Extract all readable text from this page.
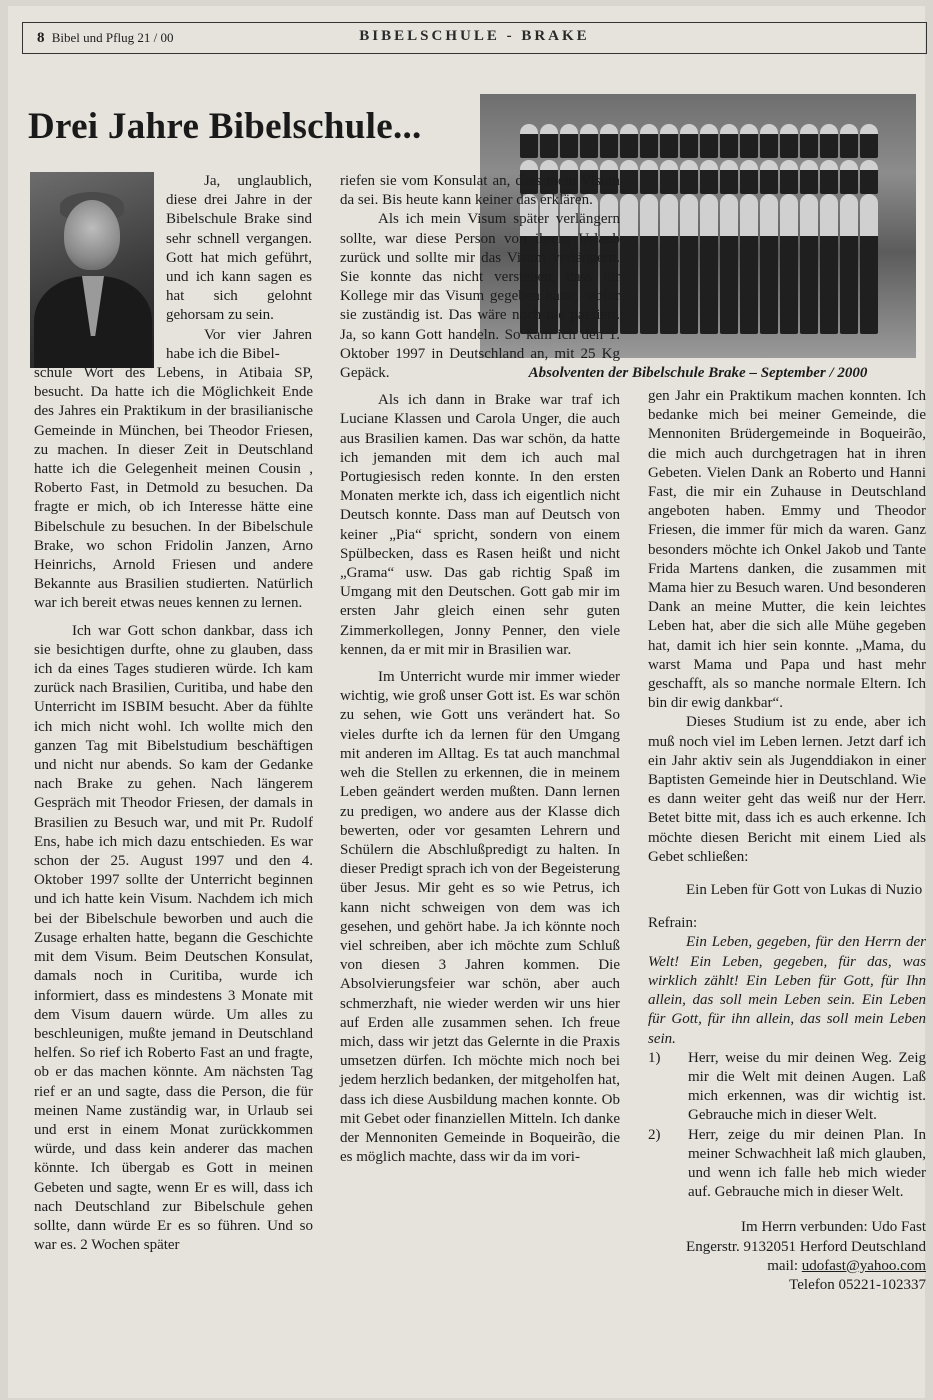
8 Bibel und Pflug 21 / 00	BIBELSCHULE - BRAKE
Drei Jahre Bibelschule...
Absolventen der Bibelschule Brake – September / 2000

Ja, unglaublich, diese drei Jahre in der Bibelschule Brake sind sehr schnell vergangen. Gott hat mich geführt, und ich kann sagen es hat sich gelohnt gehorsam zu sein.

Vor vier Jahren habe ich die Bibel-

schule Wort des Lebens, in Atibaia SP, besucht. Da hatte ich die Möglichkeit Ende des Jahres ein Praktikum in der brasilianische Gemeinde in München, bei Theodor Friesen, zu machen. In dieser Zeit in Deutschland hatte ich die Gelegenheit meinen Cousin , Roberto Fast, in Detmold zu besuchen. Da fragte er mich, ob ich Interesse hätte eine Bibelschule zu besuchen. In der Bibelschule Brake, wo schon Fridolin Janzen, Arno Heinrichs, Arnold Friesen und andere Bekannte aus Brasilien studierten. Natürlich war ich bereit etwas neues kennen zu lernen.

Ich war Gott schon dankbar, dass ich sie besichtigen durfte, ohne zu glauben, dass ich da eines Tages studieren würde. Ich kam zurück nach Brasilien, Curitiba, und habe den Unterricht im ISBIM besucht. Aber da fühlte ich mich nicht wohl. Ich wollte mich den ganzen Tag mit Bibelstudium beschäftigen und nicht nur abends. So kam der Gedanke nach Brake zu gehen. Nach längerem Gespräch mit Theodor Friesen, der damals in Brasilien zu Besuch war, und mit Pr. Rudolf Ens, habe ich mich dazu entschieden. Es war schon der 25. August 1997 und den 4. Oktober 1997 sollte der Unterricht beginnen und ich hatte kein Visum. Nachdem ich mich bei der Bibelschule beworben und auch die Zusage erhalten hatte, begann die Geschichte mit dem Visum. Beim Deutschen Konsulat, damals noch in Curitiba, wurde ich informiert, dass es mindestens 3 Monate mit dem Visum dauern würde. Um alles zu beschleunigen, mußte jemand in Deutschland helfen. So rief ich Roberto Fast an und fragte, ob er das machen könnte. Am nächsten Tag rief er an und sagte, dass die Person, die für meinen Name zuständig war, in Urlaub sei und erst in einem Monat zurückkommen würde, und dass kein anderer das machen könnte. Ich übergab es Gott in meinen Gebeten und sagte, wenn Er es will, dass ich nach Deutschland zur Bibelschule gehen sollte, dann würde Er es so führen. Und so war es. 2 Wochen später

riefen sie vom Konsulat an, dass mein Visum da sei. Bis heute kann keiner das erklären.

Als ich mein Visum später verlängern sollte, war diese Person von ihrem Urlaub zurück und sollte mir das Visum verlängern. Sie konnte das nicht verstehen, dass ihr Kollege mir das Visum gegeben hatte, wofür sie zuständig ist. Das wäre noch nie passiert. Ja, so kann Gott handeln. So kam ich den 1. Oktober 1997 in Deutschland an, mit 25 Kg Gepäck.

Als ich dann in Brake war traf ich Luciane Klassen und Carola Unger, die auch aus Brasilien kamen. Das war schön, da hatte ich jemanden mit dem ich auch mal Portugiesisch reden konnte. In den ersten Monaten merkte ich, dass ich eigentlich nicht Deutsch konnte. Dass man auf Deutsch von keiner „Pia“ spricht, sondern von einem Spülbecken, dass es Rasen heißt und nicht „Grama“ usw. Das gab richtig Spaß im Umgang mit den Deutschen. Gott gab mir im ersten Jahr gleich einen sehr guten Zimmerkollegen, Jonny Penner, den viele kennen, da er mit mir in Brasilien war.

Im Unterricht wurde mir immer wieder wichtig, wie groß unser Gott ist. Es war schön zu sehen, wie Gott uns verändert hat. So vieles durfte ich da lernen für den Umgang mit anderen im Alltag. Es tat auch manchmal weh die Stellen zu erkennen, die in meinem Leben geändert werden mußten. Dann lernen zu predigen, wo andere aus der Klasse dich bewerten, oder vor gesamten Lehrern und Schülern die Abschlußpredigt zu halten. In dieser Predigt sprach ich von der Begeisterung über Jesus. Mir geht es so wie Petrus, ich kann nicht schweigen von dem was ich gesehen, und gehört habe. Ja ich könnte noch viel schreiben, aber ich möchte zum Schluß von diesen 3 Jahren kommen. Die Absolvierungsfeier war schön, aber auch schmerzhaft, nie wieder werden wir uns hier auf Erden alle zusammen sehen. Ich freue mich, dass wir jetzt das Gelernte in die Praxis umsetzen dürfen. Ich möchte mich noch bei jedem herzlich bedanken, der mitgeholfen hat, dass ich diese Ausbildung machen konnte. Ob mit Gebet oder finanziellen Mitteln. Ich danke der Mennoniten Gemeinde in Boqueirão, die es möglich machte, dass wir da im vori-

gen Jahr ein Praktikum machen konnten. Ich bedanke mich bei meiner Gemeinde, die Mennoniten Brüdergemeinde in Boqueirão, die mich auch durchgetragen hat in ihren Gebeten. Vielen Dank an Roberto und Hanni Fast, die mir ein Zuhause in Deutschland angeboten haben. Emmy und Theodor Friesen, die immer für mich da waren. Ganz besonders möchte ich Onkel Jakob und Tante Frida Martens danken, die zusammen mit Mama hier zu Besuch waren. Und besonderen Dank an meine Mutter, die kein leichtes Leben hat, aber die sich alle Mühe gegeben hat, damit ich hier sein konnte. „Mama, du warst Mama und Papa und hast mehr geschafft, als so manche normale Eltern. Ich bin dir ewig dankbar“.

Dieses Studium ist zu ende, aber ich muß noch viel im Leben lernen. Jetzt darf ich ein Jahr aktiv sein als Jugenddiakon in einer Baptisten Gemeinde hier in Deutschland. Wie es dann weiter geht das weiß nur der Herr. Betet bitte mit, dass ich es auch erkenne. Ich möchte diesen Bericht mit einem Lied als Gebet schließen:

Ein Leben für Gott von Lukas di Nuzio

Refrain:

Ein Leben, gegeben, für den Herrn der Welt! Ein Leben, gegeben, für das, was wirklich zählt! Ein Leben für Gott, für Ihn allein, das soll mein Leben sein. Ein Leben für Gott, für ihn allein, das soll mein Leben sein.

1)	Herr, weise du mir deinen Weg. Zeig mir die Welt mit deinen Augen. Laß mich erkennen, was dir wichtig ist. Gebrauche mich in dieser Welt.
2)	Herr, zeige du mir deinen Plan. In meiner Schwachheit laß mich glauben, und wenn ich falle heb mich wieder auf. Gebrauche mich in dieser Welt.

Im Herrn verbunden: Udo Fast

Engerstr. 9132051 Herford Deutschland

mail: udofast@yahoo.com

Telefon 05221-102337
